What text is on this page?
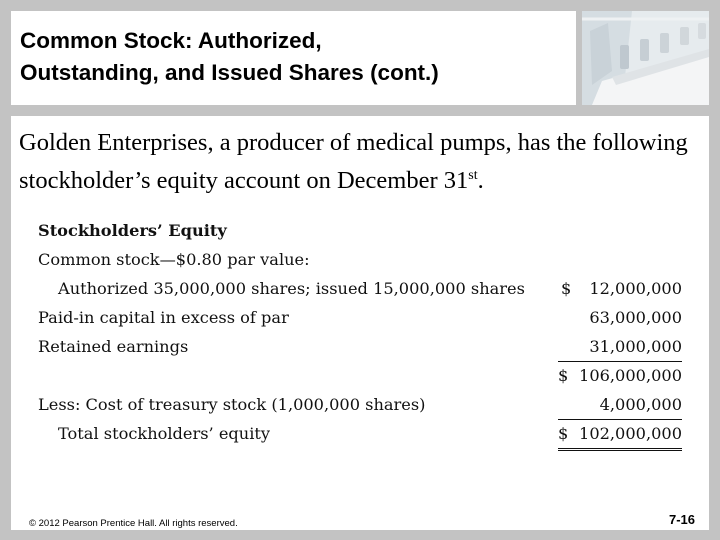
Common Stock: Authorized,
Outstanding, and Issued Shares (cont.)
Golden Enterprises, a producer of medical pumps, has the following stockholder’s equity account on December 31st.
Stockholders’ Equity
Common stock—$0.80 par value:
Authorized 35,000,000 shares; issued 15,000,000 shares $ 12,000,000
Paid-in capital in excess of par	63,000,000
Retained earnings	31,000,000
$ 106,000,000
Less: Cost of treasury stock (1,000,000 shares)	4,000,000
Total stockholders’ equity	$ 102,000,000
© 2012 Pearson Prentice Hall. All rights reserved.	7-16
